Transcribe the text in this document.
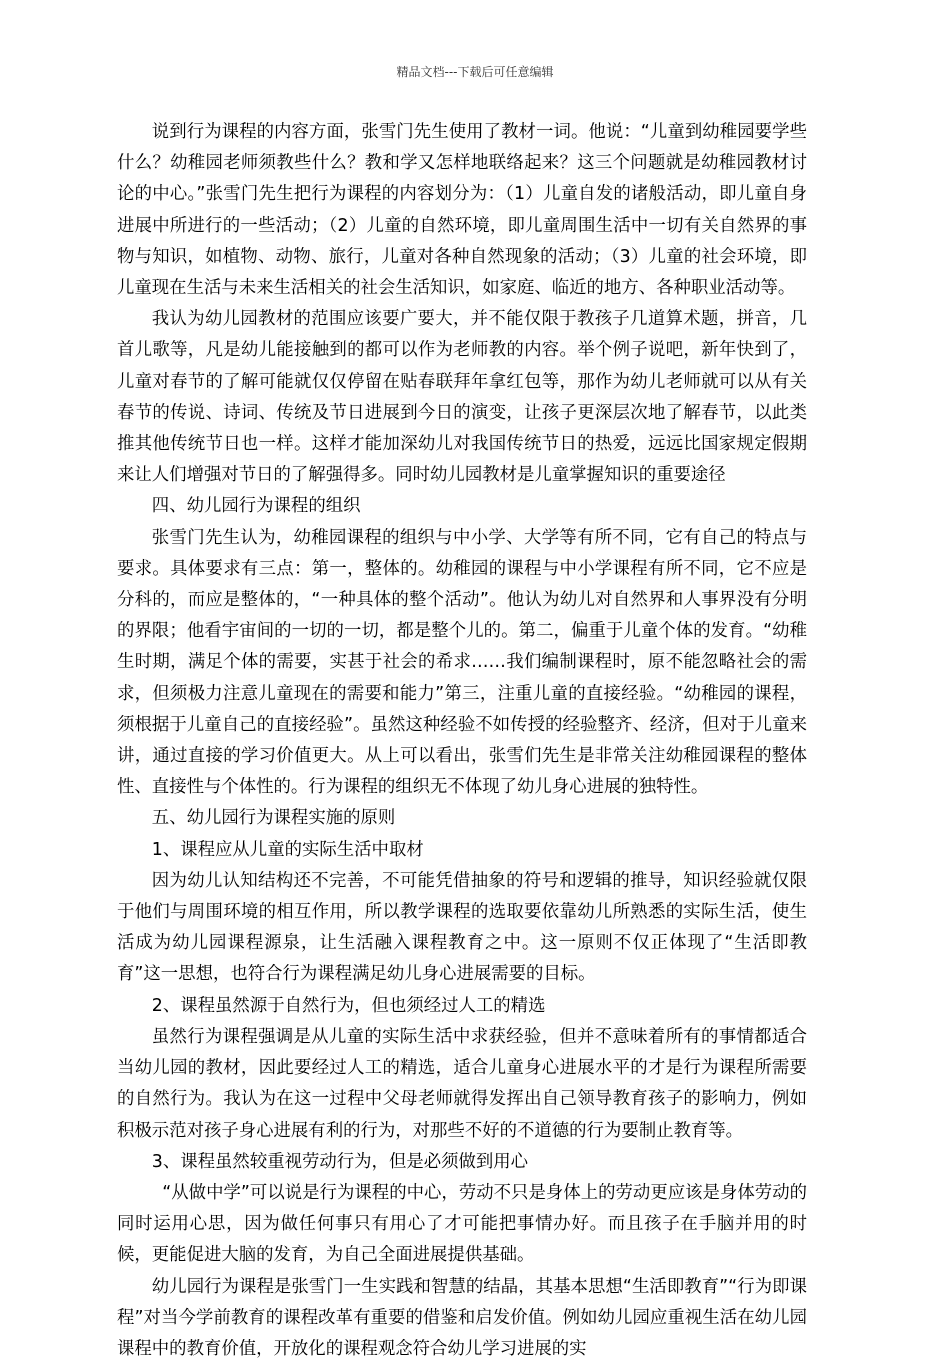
精品文档---下载后可任意编辑

说到行为课程的内容方面，张雪门先生使用了教材一词。他说：“儿童到幼稚园要学些什么？幼稚园老师须教些什么？教和学又怎样地联络起来？这三个问题就是幼稚园教材讨论的中心。”张雪门先生把行为课程的内容划分为：（1）儿童自发的诸般活动，即儿童自身进展中所进行的一些活动；（2）儿童的自然环境，即儿童周围生活中一切有关自然界的事物与知识，如植物、动物、旅行，儿童对各种自然现象的活动；（3）儿童的社会环境，即儿童现在生活与未来生活相关的社会生活知识，如家庭、临近的地方、各种职业活动等。

我认为幼儿园教材的范围应该要广要大，并不能仅限于教孩子几道算术题，拼音，几首儿歌等，凡是幼儿能接触到的都可以作为老师教的内容。举个例子说吧，新年快到了，儿童对春节的了解可能就仅仅停留在贴春联拜年拿红包等，那作为幼儿老师就可以从有关春节的传说、诗词、传统及节日进展到今日的演变，让孩子更深层次地了解春节，以此类推其他传统节日也一样。这样才能加深幼儿对我国传统节日的热爱，远远比国家规定假期来让人们增强对节日的了解强得多。同时幼儿园教材是儿童掌握知识的重要途径

四、幼儿园行为课程的组织

张雪门先生认为，幼稚园课程的组织与中小学、大学等有所不同，它有自己的特点与要求。具体要求有三点：第一，整体的。幼稚园的课程与中小学课程有所不同，它不应是分科的，而应是整体的，“一种具体的整个活动”。他认为幼儿对自然界和人事界没有分明的界限；他看宇宙间的一切的一切，都是整个儿的。第二，偏重于儿童个体的发育。“幼稚生时期，满足个体的需要，实甚于社会的希求……我们编制课程时，原不能忽略社会的需求，但须极力注意儿童现在的需要和能力”第三，注重儿童的直接经验。“幼稚园的课程，须根据于儿童自己的直接经验”。虽然这种经验不如传授的经验整齐、经济，但对于儿童来讲，通过直接的学习价值更大。从上可以看出，张雪们先生是非常关注幼稚园课程的整体性、直接性与个体性的。行为课程的组织无不体现了幼儿身心进展的独特性。

五、幼儿园行为课程实施的原则

1、课程应从儿童的实际生活中取材

因为幼儿认知结构还不完善，不可能凭借抽象的符号和逻辑的推导，知识经验就仅限于他们与周围环境的相互作用，所以教学课程的选取要依靠幼儿所熟悉的实际生活，使生活成为幼儿园课程源泉，让生活融入课程教育之中。这一原则不仅正体现了“生活即教育”这一思想，也符合行为课程满足幼儿身心进展需要的目标。

2、课程虽然源于自然行为，但也须经过人工的精选

虽然行为课程强调是从儿童的实际生活中求获经验，但并不意味着所有的事情都适合当幼儿园的教材，因此要经过人工的精选，适合儿童身心进展水平的才是行为课程所需要的自然行为。我认为在这一过程中父母老师就得发挥出自己领导教育孩子的影响力，例如积极示范对孩子身心进展有利的行为，对那些不好的不道德的行为要制止教育等。

3、课程虽然较重视劳动行为，但是必须做到用心

“从做中学”可以说是行为课程的中心，劳动不只是身体上的劳动更应该是身体劳动的同时运用心思，因为做任何事只有用心了才可能把事情办好。而且孩子在手脑并用的时候，更能促进大脑的发育，为自己全面进展提供基础。

幼儿园行为课程是张雪门一生实践和智慧的结晶，其基本思想“生活即教育”“行为即课程”对当今学前教育的课程改革有重要的借鉴和启发价值。例如幼儿园应重视生活在幼儿园课程中的教育价值，开放化的课程观念符合幼儿学习进展的实
